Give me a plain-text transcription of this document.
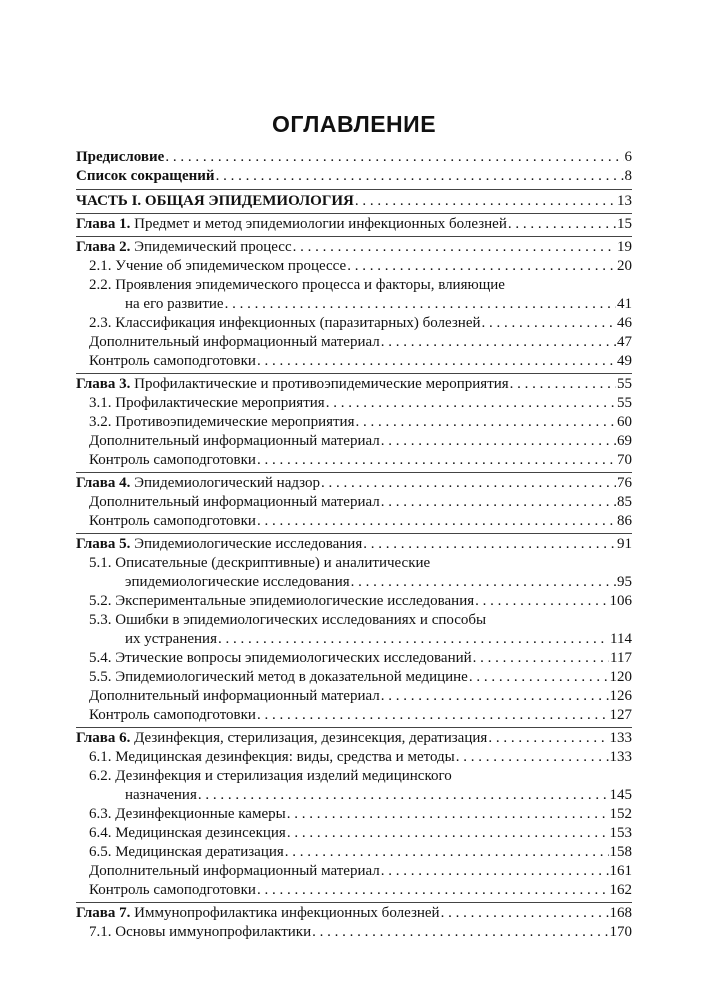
ОГЛАВЛЕНИЕ
Предисловие . . .	6
Список сокращений . . .	8
ЧАСТЬ I. ОБЩАЯ ЭПИДЕМИОЛОГИЯ . . .	13
Глава 1. Предмет и метод эпидемиологии инфекционных болезней . . .	15
Глава 2. Эпидемический процесс . . .	19
2.1. Учение об эпидемическом процессе . . .	20
2.2. Проявления эпидемического процесса и факторы, влияющие
на его развитие . . .	41
2.3. Классификация инфекционных (паразитарных) болезней . . .	46
Дополнительный информационный материал . . .	47
Контроль самоподготовки . . .	49
Глава 3. Профилактические и противоэпидемические мероприятия . . .	55
3.1. Профилактические мероприятия . . .	55
3.2. Противоэпидемические мероприятия . . .	60
Дополнительный информационный материал . . .	69
Контроль самоподготовки . . .	70
Глава 4. Эпидемиологический надзор . . .	76
Дополнительный информационный материал . . .	85
Контроль самоподготовки . . .	86
Глава 5. Эпидемиологические исследования . . .	91
5.1. Описательные (дескриптивные) и аналитические
эпидемиологические исследования . . .	95
5.2. Экспериментальные эпидемиологические исследования . . .	106
5.3. Ошибки в эпидемиологических исследованиях и способы
их устранения . . .	114
5.4. Этические вопросы эпидемиологических исследований . . .	117
5.5. Эпидемиологический метод в доказательной медицине . . .	120
Дополнительный информационный материал . . .	126
Контроль самоподготовки . . .	127
Глава 6. Дезинфекция, стерилизация, дезинсекция, дератизация . . .	133
6.1. Медицинская дезинфекция: виды, средства и методы . . .	133
6.2. Дезинфекция и стерилизация изделий медицинского
назначения . . .	145
6.3. Дезинфекционные камеры . . .	152
6.4. Медицинская дезинсекция . . .	153
6.5. Медицинская дератизация . . .	158
Дополнительный информационный материал . . .	161
Контроль самоподготовки . . .	162
Глава 7. Иммунопрофилактика инфекционных болезней . . .	168
7.1. Основы иммунопрофилактики . . .	170
